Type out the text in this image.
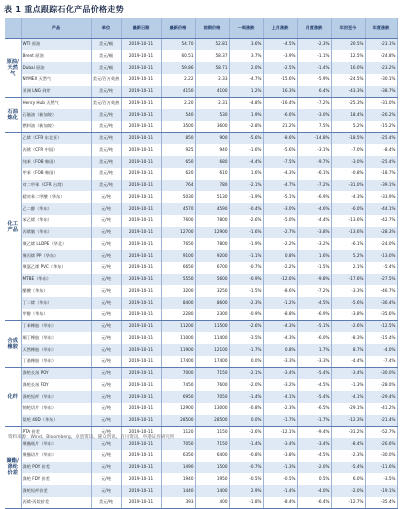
表 1 重点跟踪石化产品价格走势
	产品	单位	最新日期	最新价格	前期价格	一周涨跌	上月涨跌	月度涨跌	年初至今	年度涨跌
原油/天然气	WTI 原油	美元/桶	2019-10-11	54.70	52.81	3.6%	-4.5%	-2.3%	20.5%	-23.1%
	Brent 原油	美元/桶	2019-10-11	60.51	58.37	3.7%	-3.9%	-1.1%	12.5%	-24.8%
	Dubai 原油	美元/桶	2019-10-11	59.86	58.71	2.0%	-2.5%	-1.4%	16.0%	-23.2%
	NYMEX 天然气	美元/百万英热	2019-10-11	2.22	2.33	-4.7%	-15.6%	-5.9%	-24.5%	-30.1%
	亚洲 LNG 到岸	美元/吨	2019-10-11	4150	4100	1.2%	16.3%	6.4%	-43.3%	-38.7%
石油炼化	Henry Hub 天然气	美元/百万英热	2019-10-11	2.20	2.31	-4.8%	-16.4%	-7.2%	-25.3%	-31.0%
	石脑油（新加坡）	美元/吨	2019-10-11	540	530	1.9%	-6.6%	-3.0%	18.4%	-26.2%
	燃料油（新加坡）	美元/吨	2019-10-11	3500	3600	-2.8%	21.2%	7.5%	5.2%	-15.2%
化工产品	乙烯（CFR 东北亚）	美元/吨	2019-10-11	850	900	-5.6%	-8.6%	-14.8%	-18.5%	-25.4%
	丙烯（CFR 中国）	美元/吨	2019-10-11	925	940	-1.6%	-5.6%	-3.1%	-7.0%	-8.4%
	纯苯（FOB 韩国）	美元/吨	2019-10-11	650	680	-4.4%	-7.5%	-9.7%	-3.0%	-25.4%
	甲苯（FOB 韩国）	美元/吨	2019-10-11	620	610	1.6%	-4.3%	-6.1%	-0.8%	-18.7%
	对二甲苯（CFR 台湾）	美元/吨	2019-10-11	764	780	-2.1%	-4.7%	-7.2%	-31.0%	-39.1%
	精对苯二甲酸（华东）	元/吨	2019-10-11	5030	5130	-1.9%	-5.1%	-6.9%	-4.3%	-33.9%
	乙二醇（华东）	元/吨	2019-10-11	4570	4590	-0.4%	-3.0%	-4.6%	-6.0%	-44.1%
	苯乙烯（华东）	元/吨	2019-10-11	7600	7800	-2.6%	-5.0%	-4.4%	-13.6%	-42.7%
	丙烯腈（华东）	元/吨	2019-10-11	12700	12900	-1.6%	-2.7%	-3.8%	-13.6%	-28.3%
	聚乙烯 LLDPE（华北）	元/吨	2019-10-11	7650	7800	-1.9%	-2.2%	-3.2%	-6.1%	-24.0%
	聚丙烯 PP（华东）	元/吨	2019-10-11	9100	9200	-1.1%	0.8%	1.6%	5.2%	-13.0%
	聚氯乙烯 PVC（华东）	元/吨	2019-10-11	6650	6700	-0.7%	-2.2%	-1.5%	2.1%	-5.4%
	MTBE（华东）	元/吨	2019-10-11	5550	5600	-0.9%	-12.6%	-9.8%	-17.6%	-27.5%
	醋酸（华东）	元/吨	2019-10-11	3200	3250	-1.5%	-8.6%	-7.2%	-3.3%	-46.7%
	丁二烯（华东）	元/吨	2019-10-11	8400	8600	-2.3%	-1.2%	-4.5%	-5.6%	-36.4%
	甲醇（华东）	元/吨	2019-10-11	2280	2300	-0.9%	-8.8%	-6.9%	-3.8%	-35.6%
合成橡胶	丁苯橡胶（华东）	元/吨	2019-10-11	11200	11500	-2.6%	-4.3%	-5.1%	-2.6%	-12.5%
	顺丁橡胶（华东）	元/吨	2019-10-11	11000	11400	-3.5%	-4.3%	-6.0%	-8.3%	-15.4%
	天然橡胶（华东）	元/吨	2019-10-11	11900	12100	-1.7%	0.8%	1.7%	8.7%	-4.0%
	丁基橡胶（华东）	元/吨	2019-10-11	17400	17400	0.0%	-3.3%	-3.3%	-4.4%	-7.4%
化纤	涤纶长丝 POY	元/吨	2019-10-11	7000	7150	-2.1%	-3.4%	-5.4%	-3.4%	-30.0%
	涤纶长丝 FDY	元/吨	2019-10-11	7450	7600	-2.0%	-3.2%	-4.5%	-1.3%	-28.0%
	涤纶短纤（华东）	元/吨	2019-10-11	6950	7050	-1.4%	-4.1%	-5.4%	-4.1%	-29.4%
	锦纶切片（华东）	元/吨	2019-10-11	12900	13000	-0.8%	-2.3%	-6.5%	-29.1%	-41.2%
	氨纶 40D（华东）	元/吨	2019-10-11	28500	28500	0.0%	-1.7%	-1.7%	-12.3%	-21.4%
聚酯/涤纶价差	PTA 价差	元/吨	2019-10-11	1120	1150	-2.6%	-12.1%	-9.4%	-31.2%	-52.7%
	聚酯瓶片（华东）	元/吨	2019-10-11	7050	7150	-1.4%	-3.4%	-3.4%	-8.4%	-26.6%
	聚酯切片（华东）	元/吨	2019-10-11	6350	6400	-0.8%	-3.8%	-4.5%	-2.3%	-30.0%
	涤纶 POY 价差	元/吨	2019-10-11	1490	1500	-0.7%	-1.3%	-2.0%	-5.4%	-11.6%
	涤纶 FDY 价差	元/吨	2019-10-11	1940	1950	-0.5%	-0.5%	0.5%	6.0%	-3.5%
	涤纶短纤价差	元/吨	2019-10-11	1440	1400	2.9%	-1.4%	-4.0%	-2.0%	-19.1%
	丙烯-丙烷价差	美元/吨	2019-10-11	393	400	-1.8%	-8.4%	-6.4%	-12.7%	-35.4%
资料来源：Wind、Bloomberg、卓创资讯、隆众资讯、百川资讯，申港证券研究所
